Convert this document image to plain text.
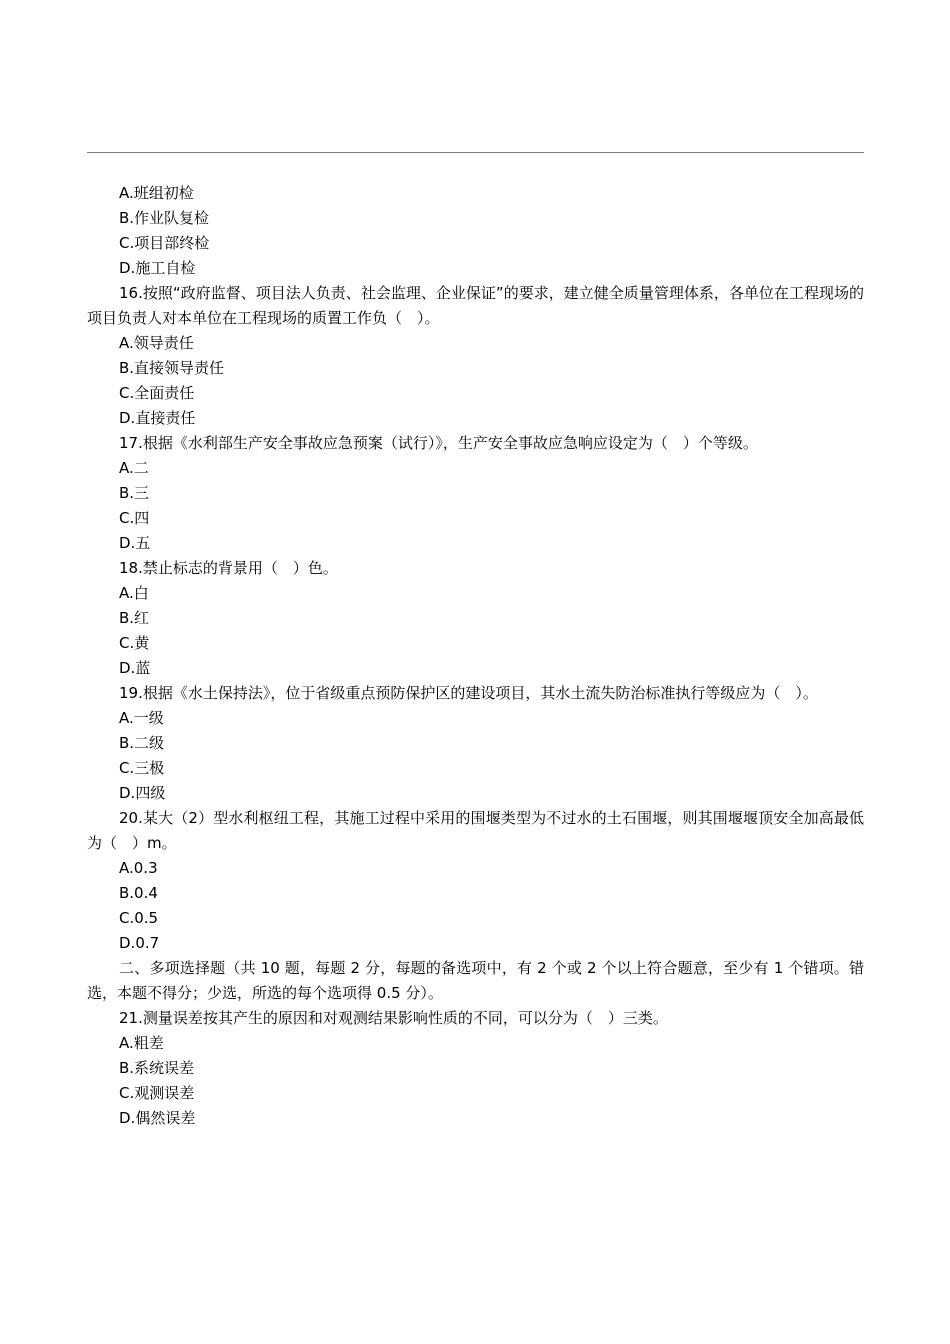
A.班组初检

B.作业队复检

C.项目部终检

D.施工自检

16.按照“政府监督、项目法人负责、社会监理、企业保证”的要求，建立健全质量管理体系，各单位在工程现场的项目负责人对本单位在工程现场的质置工作负（　）。

A.领导责任

B.直接领导责任

C.全面责任

D.直接责任

17.根据《水利部生产安全事故应急预案（试行）》，生产安全事故应急响应设定为（　）个等级。

A.二

B.三

C.四

D.五

18.禁止标志的背景用（　）色。

A.白

B.红

C.黄

D.蓝

19.根据《水土保持法》，位于省级重点预防保护区的建设项目，其水土流失防治标准执行等级应为（　）。

A.一级

B.二级

C.三极

D.四级

20.某大（2）型水利枢纽工程，其施工过程中采用的围堰类型为不过水的土石围堰，则其围堰堰顶安全加高最低为（　）m。

A.0.3

B.0.4

C.0.5

D.0.7

二、多项选择题（共 10 题，每题 2 分，每题的备选项中，有 2 个或 2 个以上符合题意，至少有 1 个错项。错选，本题不得分；少选，所选的每个选项得 0.5 分）。

21.测量误差按其产生的原因和对观测结果影响性质的不同，可以分为（　）三类。

A.粗差

B.系统误差

C.观测误差

D.偶然误差
